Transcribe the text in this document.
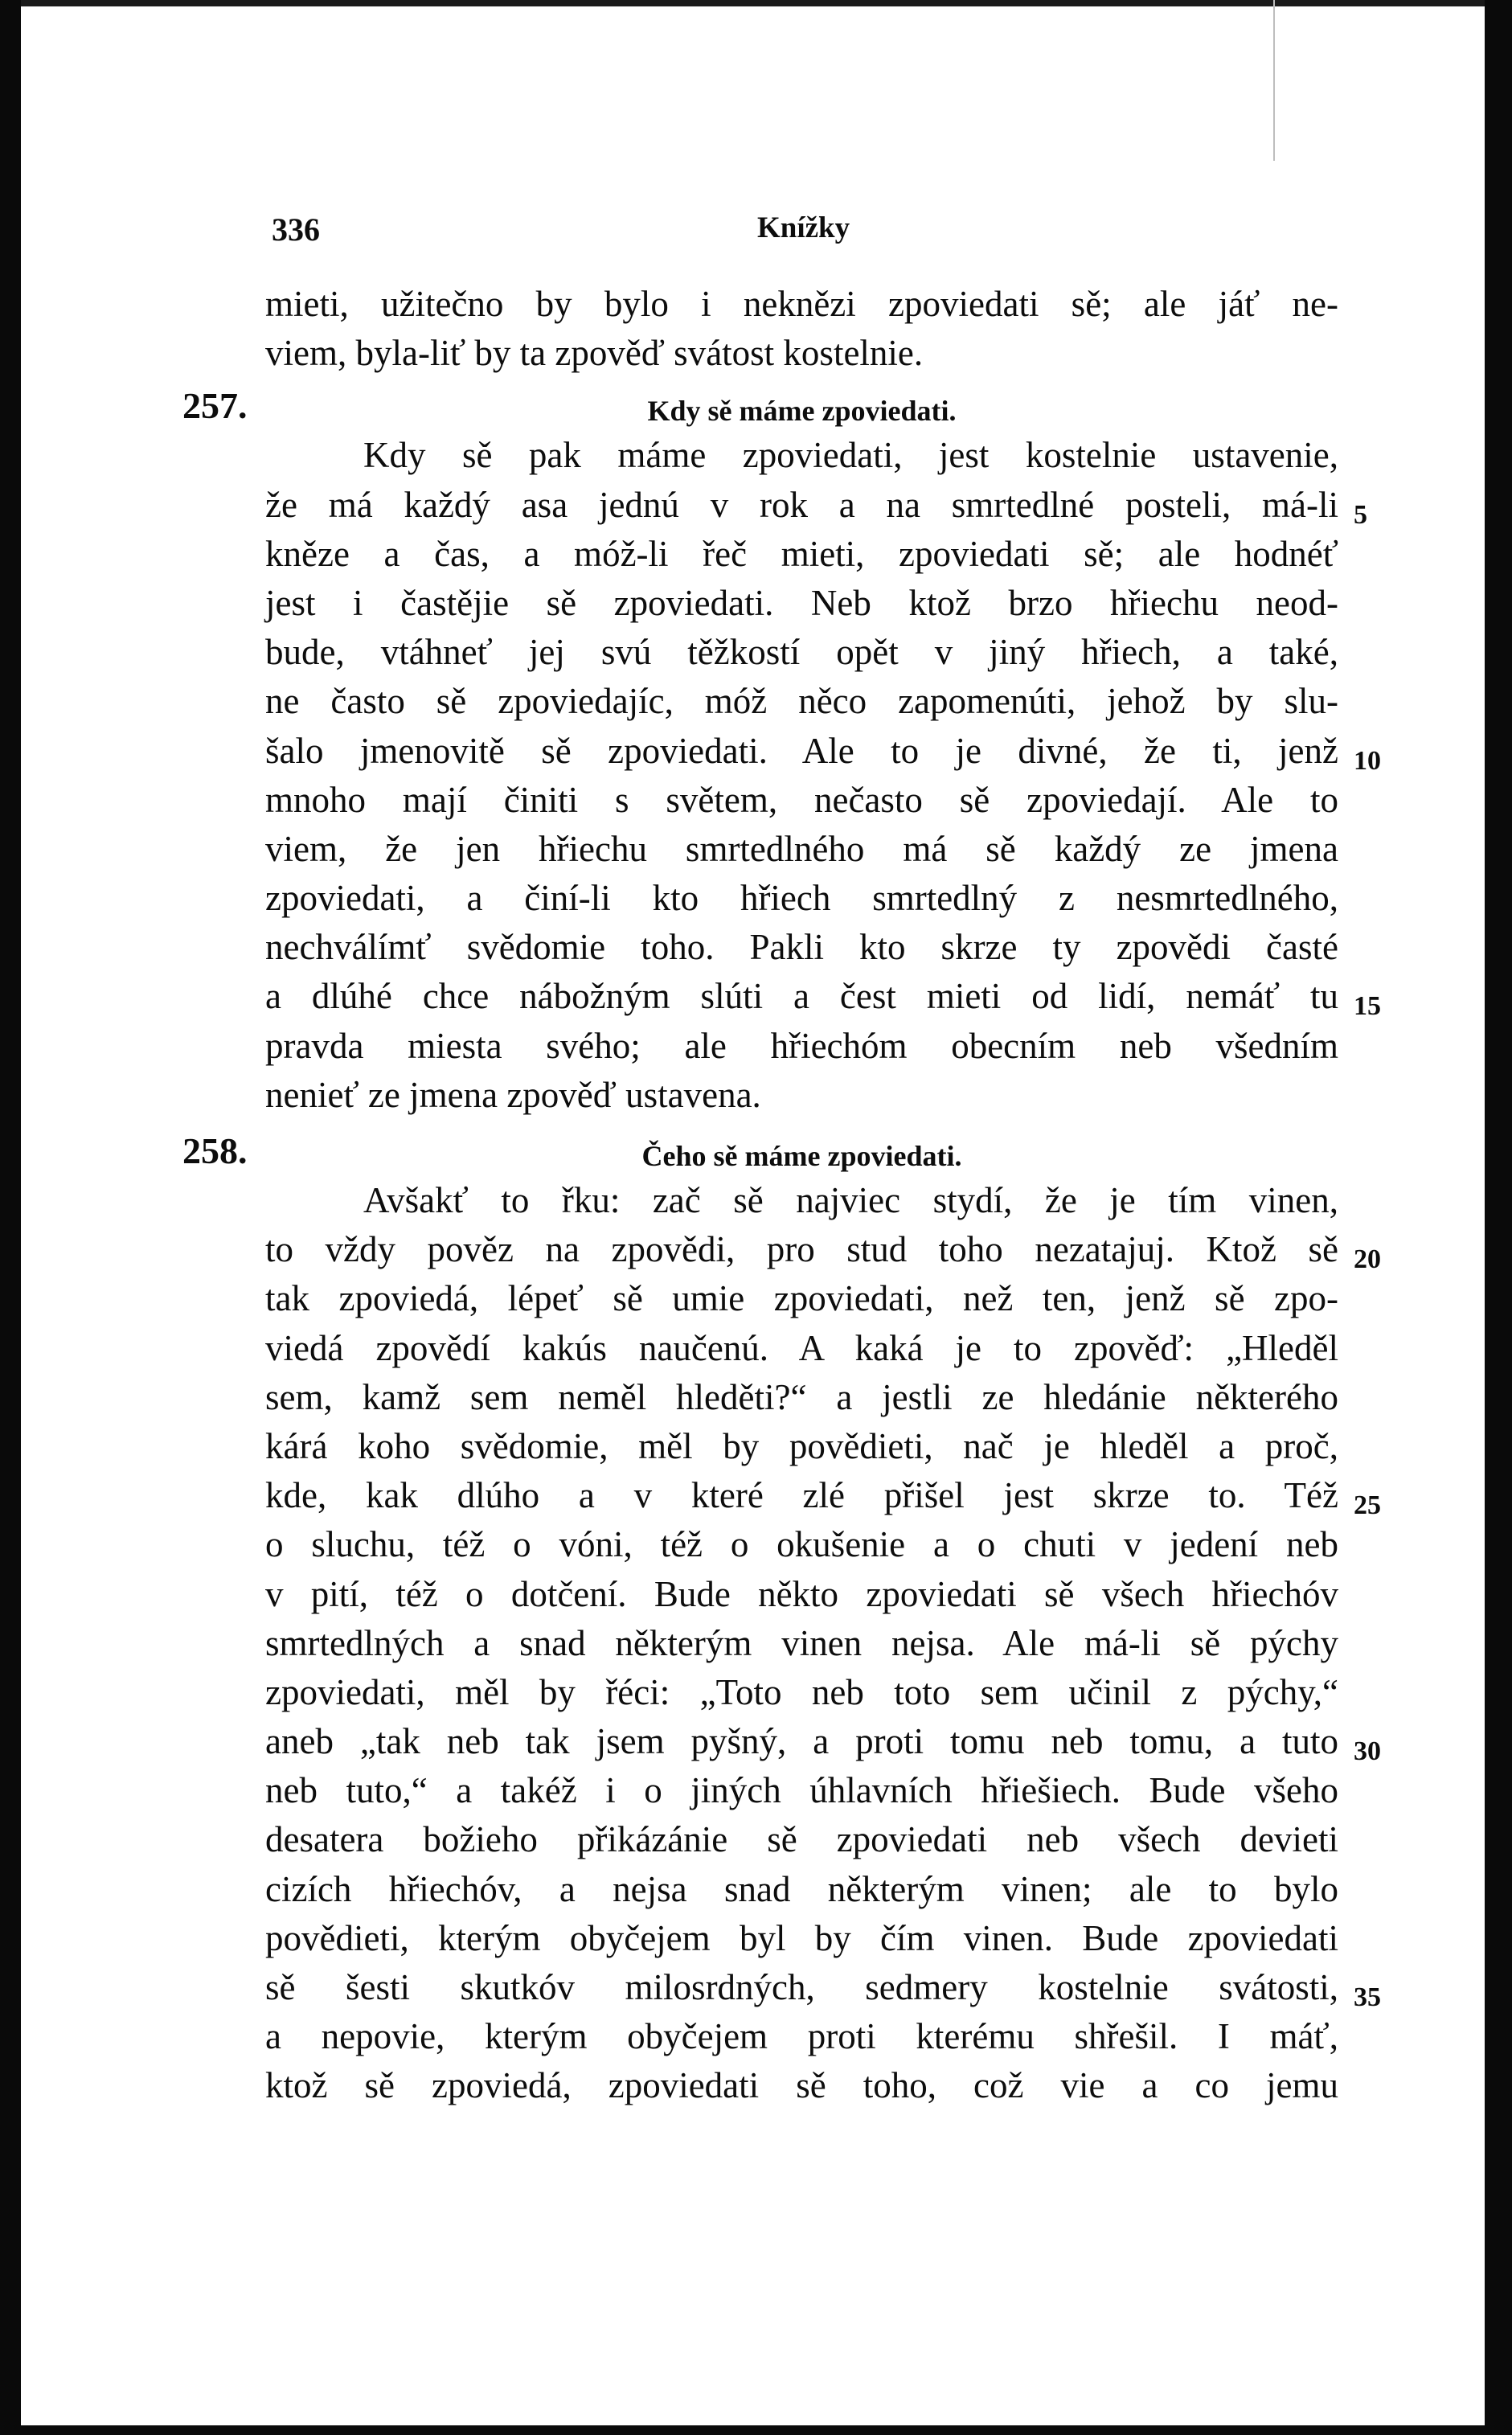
336	Knížky
mieti, užitečno by bylo i neknězi zpoviedati sě; ale jáť ne-
viem, byla-liť by ta zpověď svátost kostelnie.
257.	Kdy sě máme zpoviedati.
Kdy sě pak máme zpoviedati, jest kostelnie ustavenie,
že má každý asa jednú v rok a na smrtedlné posteli, má-li 5
kněze a čas, a móž-li řeč mieti, zpoviedati sě; ale hodnéť
jest i častějie sě zpoviedati. Neb ktož brzo hřiechu neod-
bude, vtáhneť jej svú těžkostí opět v jiný hřiech, a také,
ne často sě zpoviedajíc, móž něco zapomenúti, jehož by slu-
šalo jmenovitě sě zpoviedati. Ale to je divné, že ti, jenž 10
mnoho mají činiti s světem, nečasto sě zpoviedají. Ale to
viem, že jen hřiechu smrtedlného má sě každý ze jmena
zpoviedati, a činí-li kto hřiech smrtedlný z nesmrtedlného,
nechválímť svědomie toho. Pakli kto skrze ty zpovědi časté
a dlúhé chce nábožným slúti a čest mieti od lidí, nemáť tu 15
pravda miesta svého; ale hřiechóm obecním neb všedním
nenieť ze jmena zpověď ustavena.
258.	Čeho sě máme zpoviedati.
Avšakť to řku: zač sě najviec stydí, že je tím vinen,
to vždy pověz na zpovědi, pro stud toho nezatajuj. Ktož sě 20
tak zpoviedá, lépeť sě umie zpoviedati, než ten, jenž sě zpo-
viedá zpovědí kakús naučenú. A kaká je to zpověď: „Hleděl
sem, kamž sem neměl hleděti?“ a jestli ze hledánie některého
kárá koho svědomie, měl by povědieti, nač je hleděl a proč,
kde, kak dlúho a v které zlé přišel jest skrze to. Též 25
o sluchu, též o vóni, též o okušenie a o chuti v jedení neb
v pití, též o dotčení. Bude někto zpoviedati sě všech hřiechóv
smrtedlných a snad některým vinen nejsa. Ale má-li sě pýchy
zpoviedati, měl by řéci: „Toto neb toto sem učinil z pýchy,“
aneb „tak neb tak jsem pyšný, a proti tomu neb tomu, a tuto 30
neb tuto,“ a takéž i o jiných úhlavních hřiešiech. Bude všeho
desatera božieho přikázánie sě zpoviedati neb všech devieti
cizích hřiechóv, a nejsa snad některým vinen; ale to bylo
povědieti, kterým obyčejem byl by čím vinen. Bude zpoviedati
sě šesti skutkóv milosrdných, sedmery kostelnie svátosti, 35
a nepovie, kterým obyčejem proti kterému shřešil. I máť,
ktož sě zpoviedá, zpoviedati sě toho, což vie a co jemu
